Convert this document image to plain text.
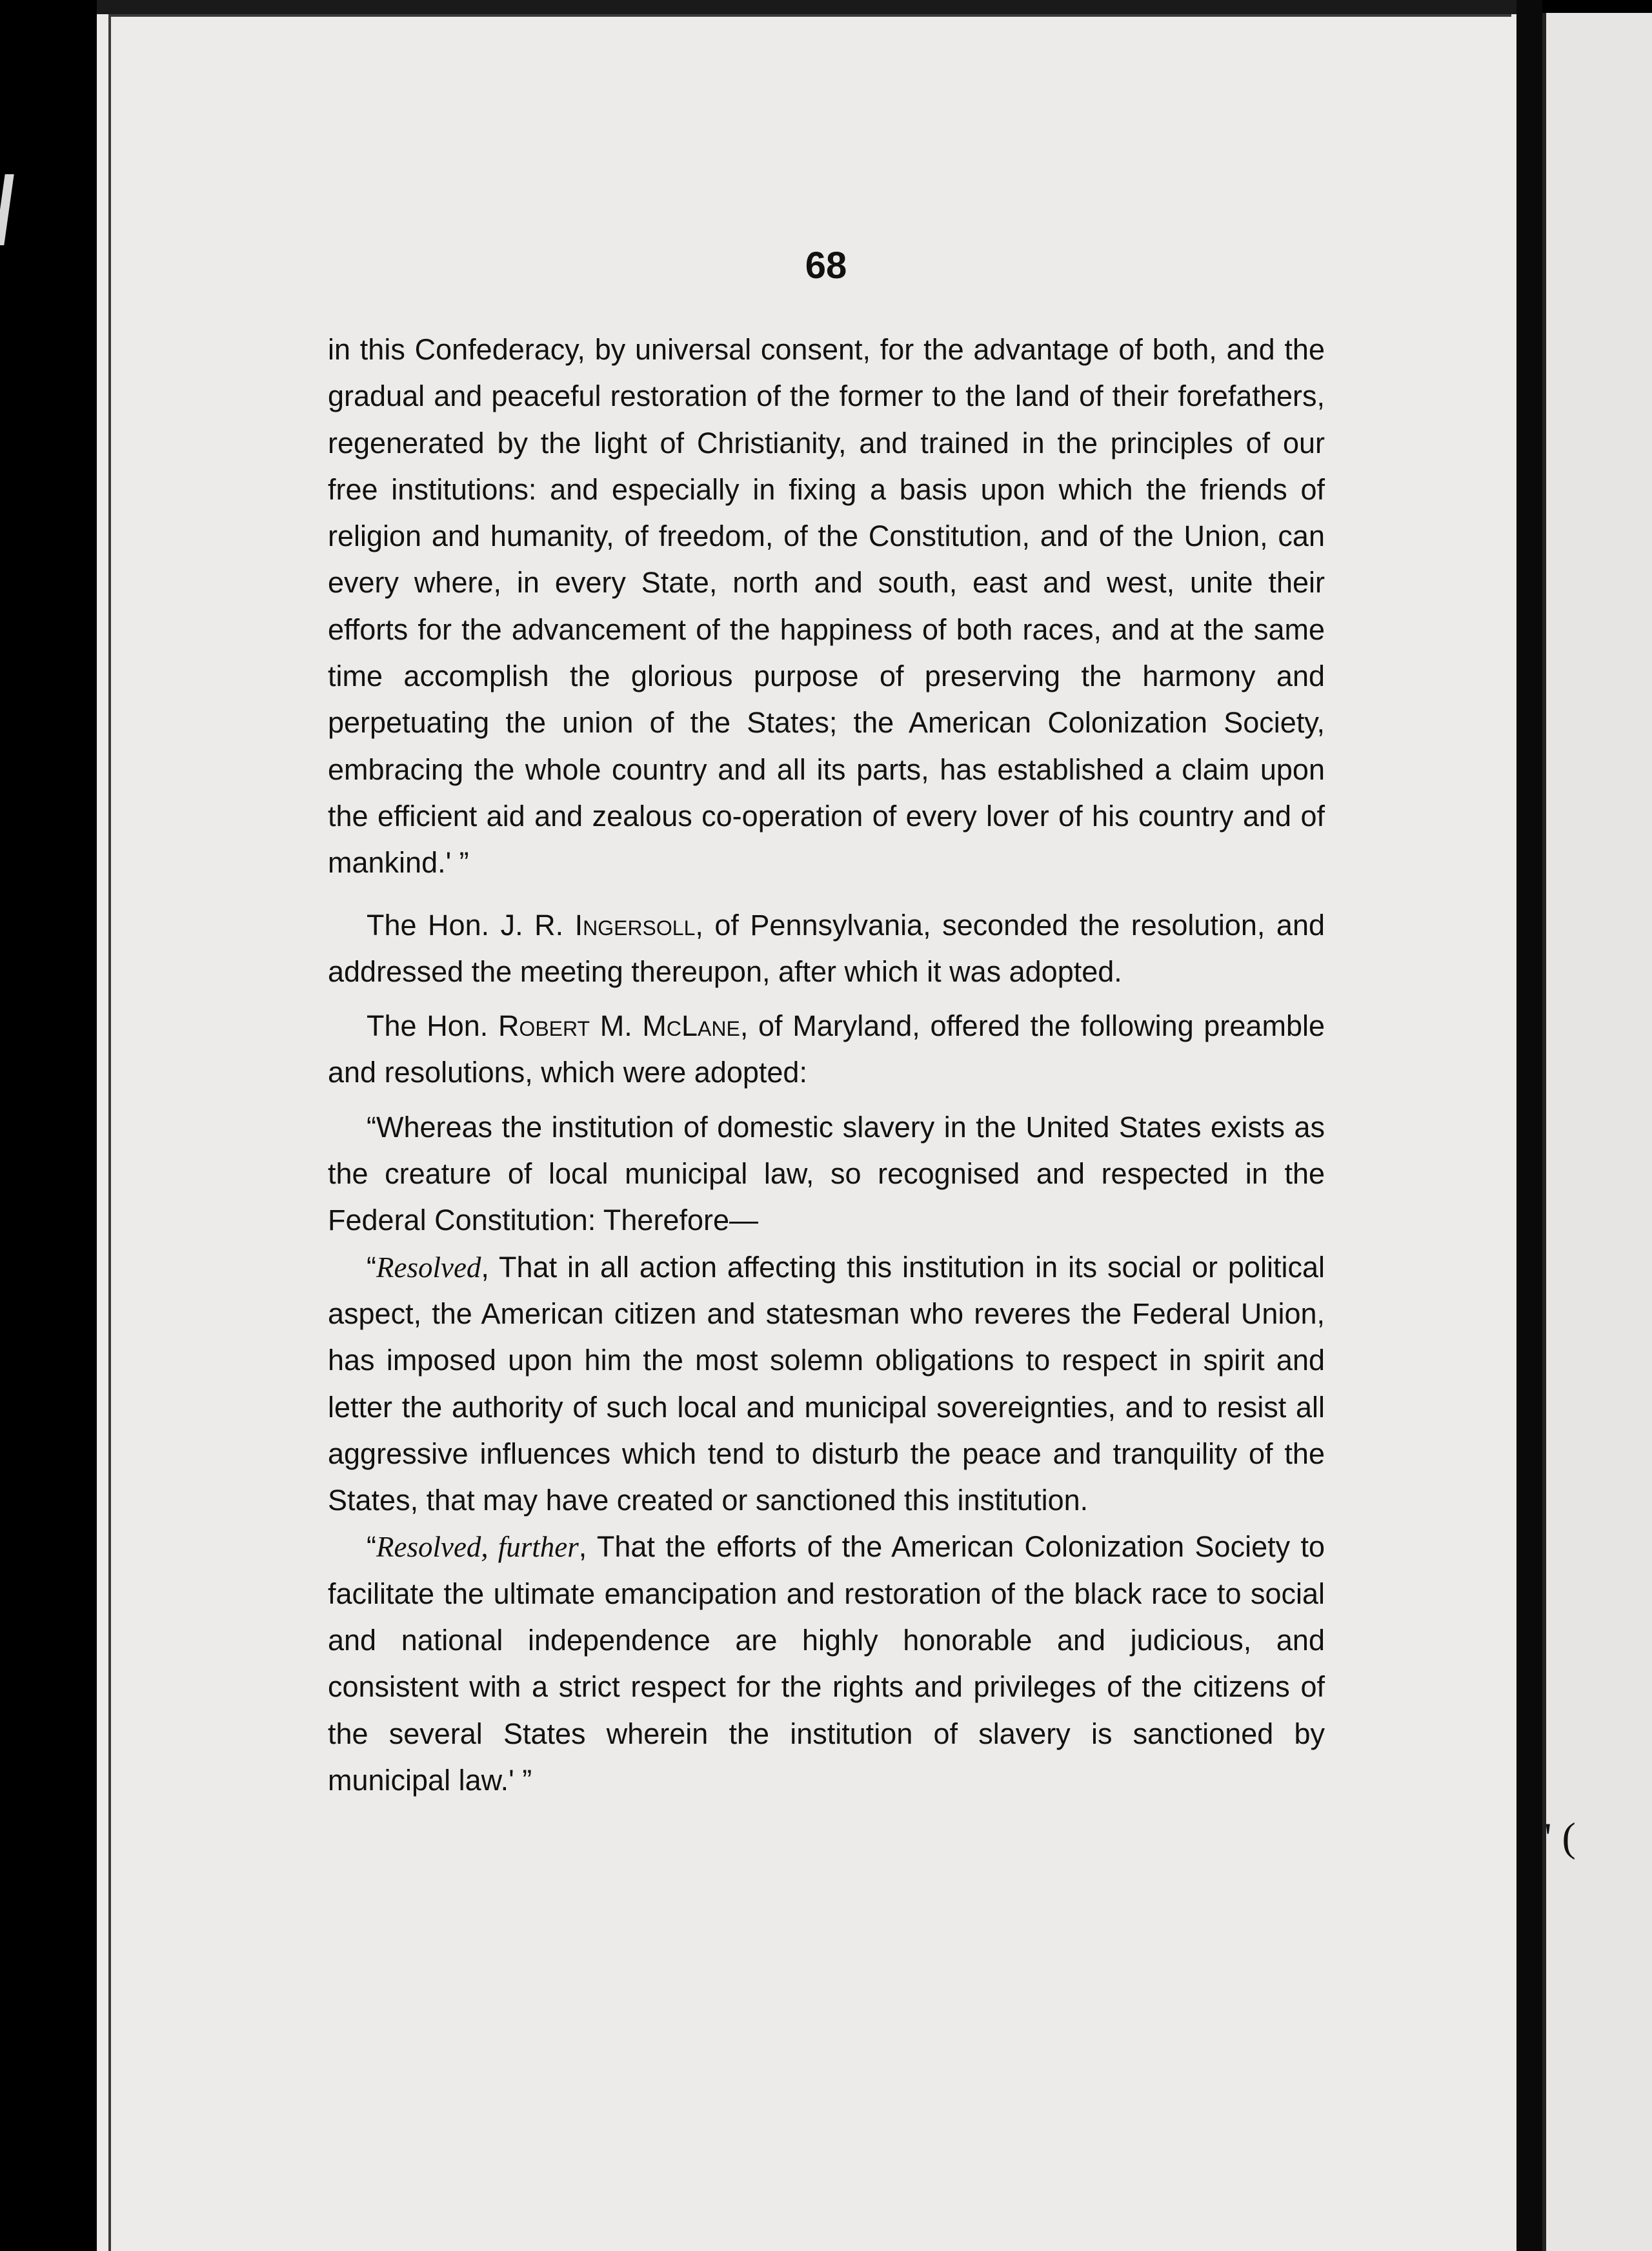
' (
68

in this Confederacy, by universal consent, for the advantage of both, and the gradual and peaceful restoration of the former to the land of their forefathers, regenerated by the light of Christianity, and trained in the principles of our free institutions: and especially in fixing a basis upon which the friends of religion and humanity, of freedom, of the Constitution, and of the Union, can every where, in every State, north and south, east and west, unite their efforts for the advancement of the happiness of both races, and at the same time accomplish the glorious purpose of preserving the harmony and perpetuating the union of the States; the American Colonization Society, embracing the whole country and all its parts, has established a claim upon the efficient aid and zealous co-operation of every lover of his country and of mankind.' ”

The Hon. J. R. Ingersoll, of Pennsylvania, seconded the resolution, and addressed the meeting thereupon, after which it was adopted.

The Hon. Robert M. McLane, of Maryland, offered the following preamble and resolutions, which were adopted:

“Whereas the institution of domestic slavery in the United States exists as the creature of local municipal law, so recognised and respected in the Federal Constitution: Therefore—

“Resolved, That in all action affecting this institution in its social or political aspect, the American citizen and statesman who reveres the Federal Union, has imposed upon him the most solemn obligations to respect in spirit and letter the authority of such local and municipal sovereignties, and to resist all aggressive influences which tend to disturb the peace and tranquility of the States, that may have created or sanctioned this institution.

“Resolved, further, That the efforts of the American Colonization Society to facilitate the ultimate emancipation and restoration of the black race to social and national independence are highly honorable and judicious, and consistent with a strict respect for the rights and privileges of the citizens of the several States wherein the institution of slavery is sanctioned by municipal law.' ”
